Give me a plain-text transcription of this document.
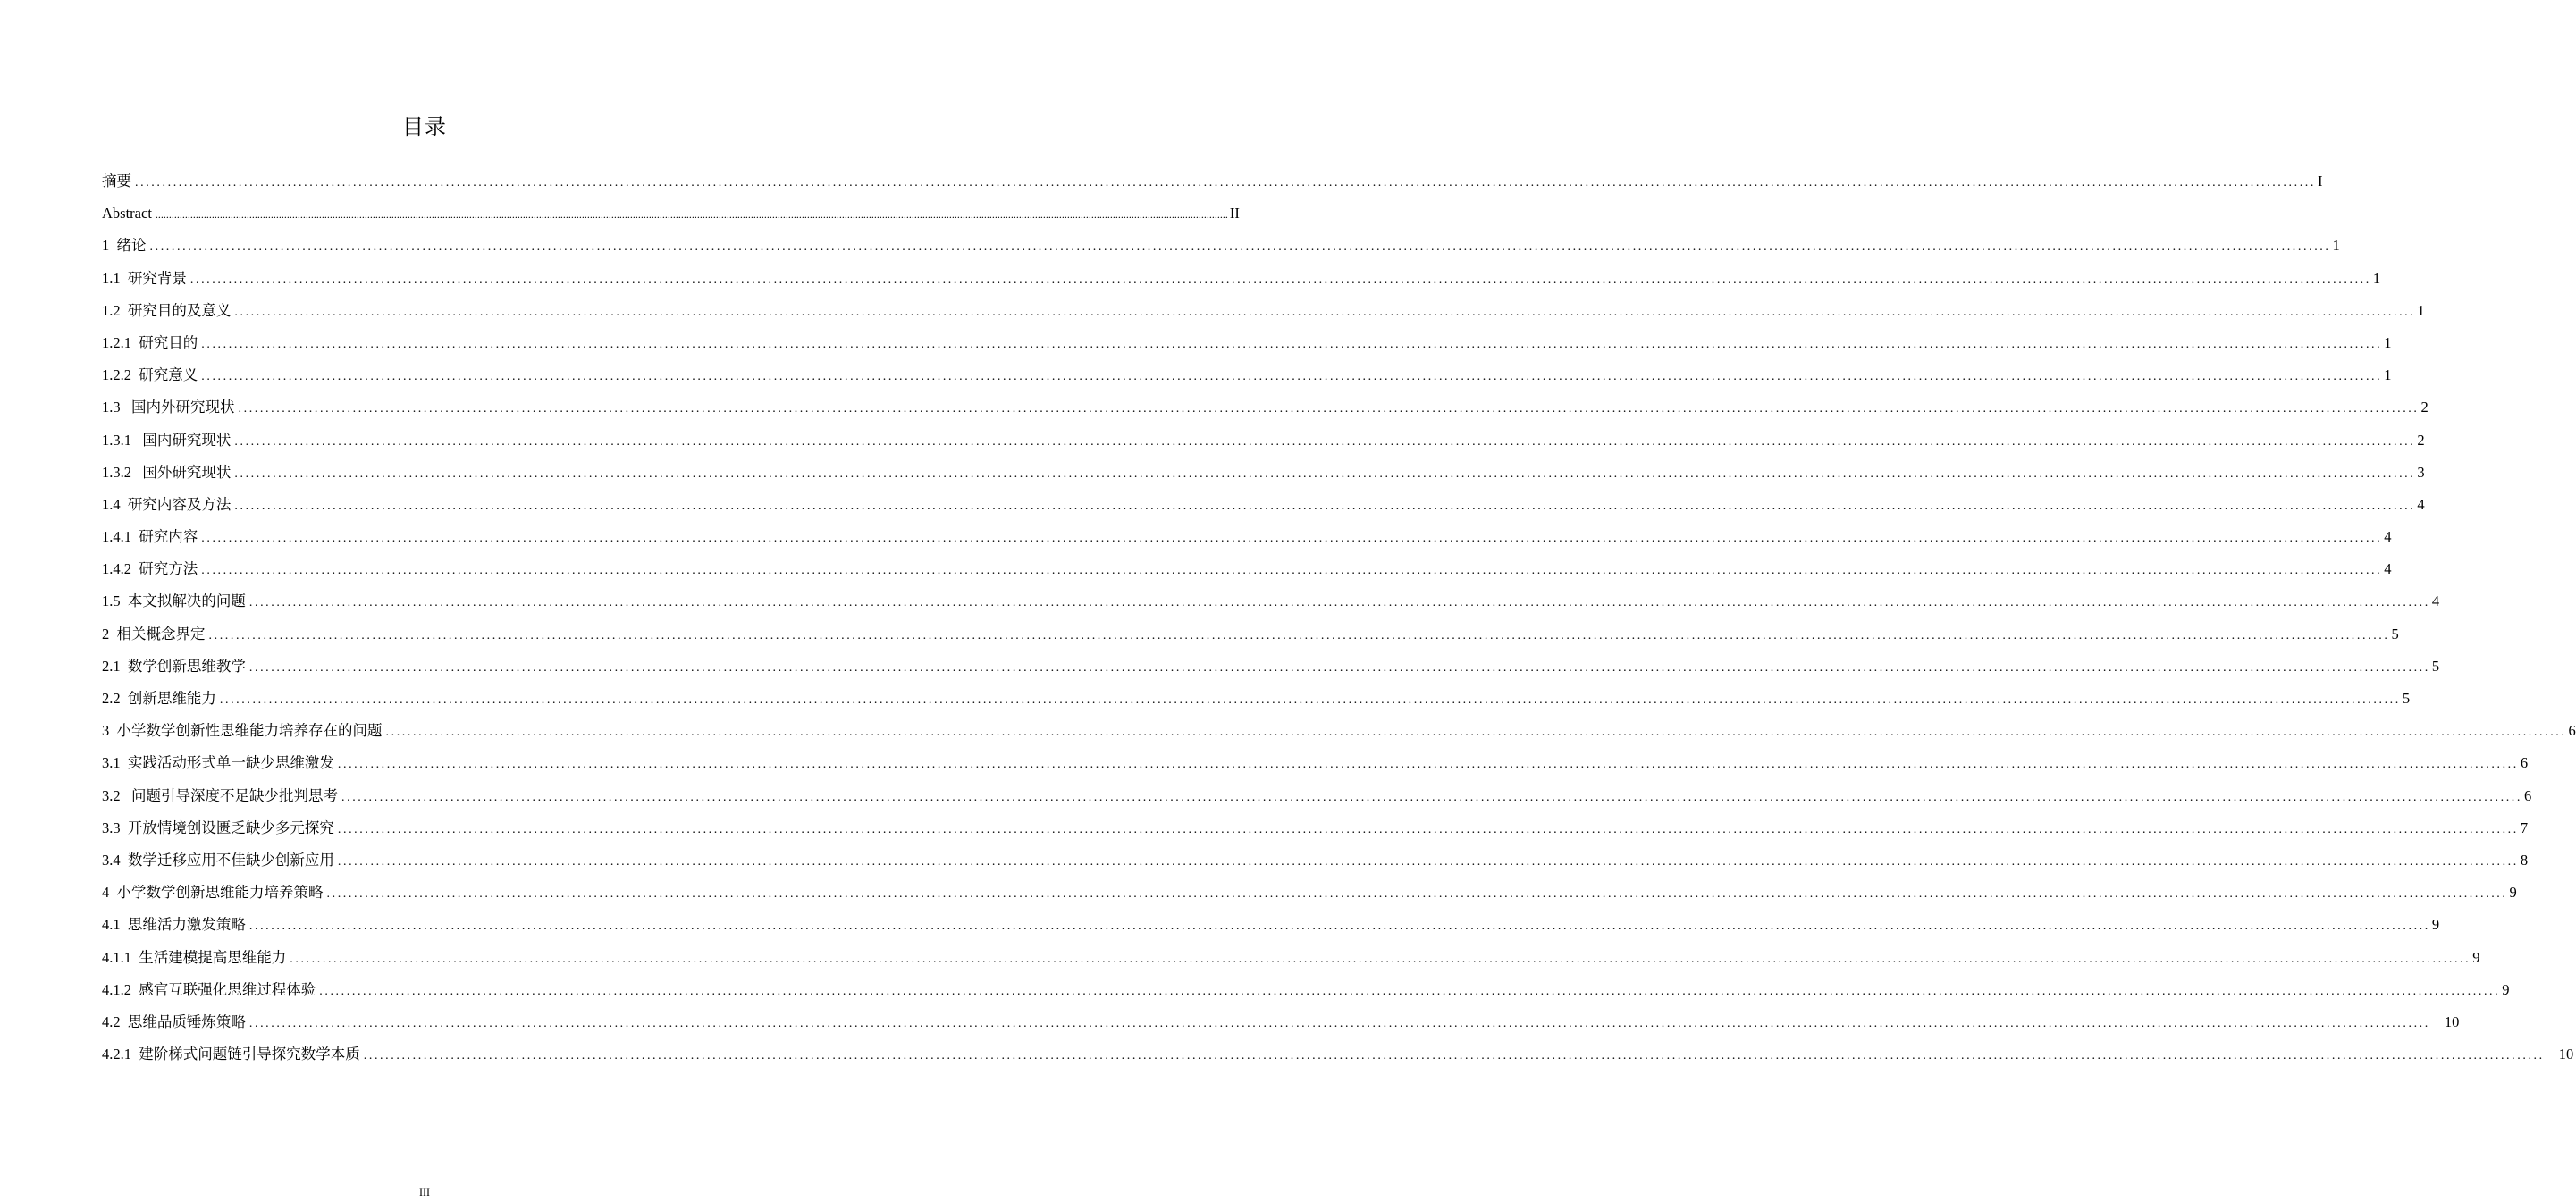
目录
摘要 ................................................................................................................................................................................................................................................................................................................................................................................................................ I
Abstract ................................................................................................................................................................................................................................................................................................................................................................................................................ II
1  绪论 ................................................................................................................................................................................................................................................................................................................................................................................................................ 1
1.1  研究背景 ................................................................................................................................................................................................................................................................................................................................................................................................................ 1
1.2  研究目的及意义 ................................................................................................................................................................................................................................................................................................................................................................................................................ 1
1.2.1  研究目的 ................................................................................................................................................................................................................................................................................................................................................................................................................ 1
1.2.2  研究意义 ................................................................................................................................................................................................................................................................................................................................................................................................................ 1
1.3   国内外研究现状 ................................................................................................................................................................................................................................................................................................................................................................................................................ 2
1.3.1   国内研究现状 ................................................................................................................................................................................................................................................................................................................................................................................................................ 2
1.3.2   国外研究现状 ................................................................................................................................................................................................................................................................................................................................................................................................................ 3
1.4  研究内容及方法 ................................................................................................................................................................................................................................................................................................................................................................................................................ 4
1.4.1  研究内容 ................................................................................................................................................................................................................................................................................................................................................................................................................ 4
1.4.2  研究方法 ................................................................................................................................................................................................................................................................................................................................................................................................................ 4
1.5  本文拟解决的问题 ................................................................................................................................................................................................................................................................................................................................................................................................................ 4
2  相关概念界定 ................................................................................................................................................................................................................................................................................................................................................................................................................ 5
2.1  数学创新思维教学 ................................................................................................................................................................................................................................................................................................................................................................................................................ 5
2.2  创新思维能力 ................................................................................................................................................................................................................................................................................................................................................................................................................ 5
3  小学数学创新性思维能力培养存在的问题 ................................................................................................................................................................................................................................................................................................................................................................................................................ 6
3.1  实践活动形式单一缺少思维激发 ................................................................................................................................................................................................................................................................................................................................................................................................................ 6
3.2   问题引导深度不足缺少批判思考 ................................................................................................................................................................................................................................................................................................................................................................................................................ 6
3.3  开放情境创设匮乏缺少多元探究 ................................................................................................................................................................................................................................................................................................................................................................................................................ 7
3.4  数学迁移应用不佳缺少创新应用 ................................................................................................................................................................................................................................................................................................................................................................................................................ 8
4  小学数学创新思维能力培养策略 ................................................................................................................................................................................................................................................................................................................................................................................................................ 9
4.1  思维活力激发策略 ................................................................................................................................................................................................................................................................................................................................................................................................................ 9
4.1.1  生活建模提高思维能力 ................................................................................................................................................................................................................................................................................................................................................................................................................ 9
4.1.2  感官互联强化思维过程体验 ................................................................................................................................................................................................................................................................................................................................................................................................................ 9
4.2  思维品质锤炼策略 ................................................................................................................................................................................................................................................................................................................................................................................................................ 10
4.2.1  建阶梯式问题链引导探究数学本质 ................................................................................................................................................................................................................................................................................................................................................................................................................ 10
III
